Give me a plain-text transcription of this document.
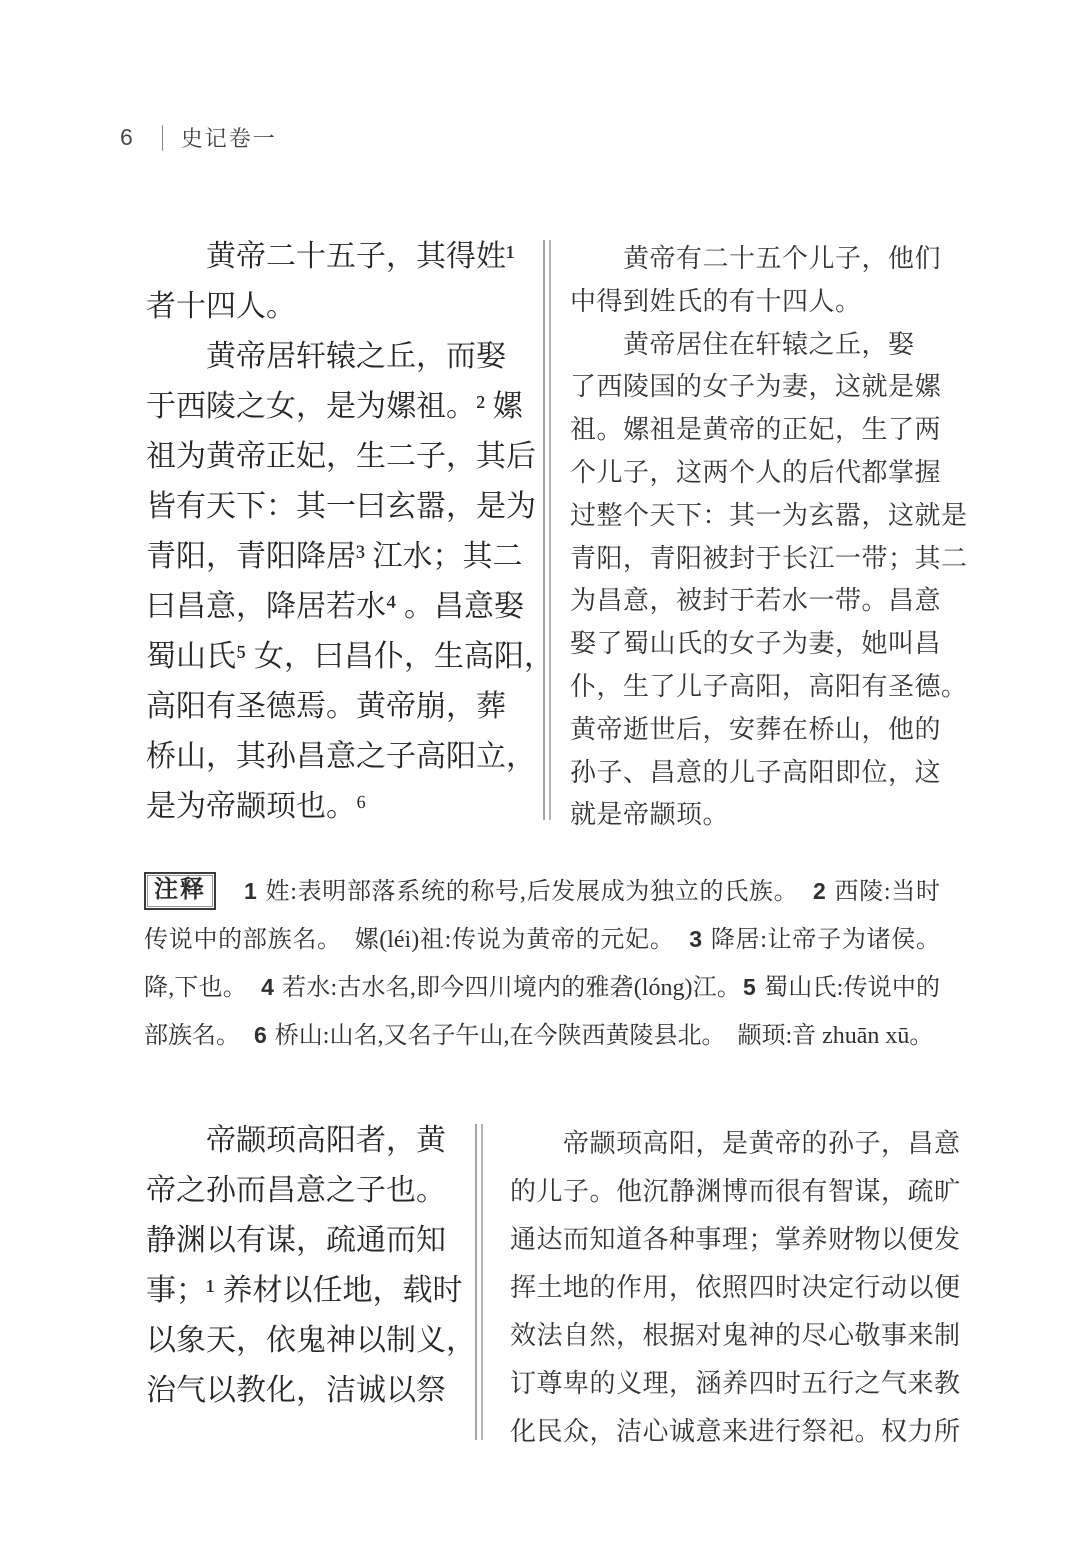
6 史记卷一
　　黄帝二十五子，其得姓¹
者十四人。
　　黄帝居轩辕之丘，而娶
于西陵之女，是为嫘祖。² 嫘
祖为黄帝正妃，生二子，其后
皆有天下：其一曰玄嚣，是为
青阳，青阳降居³ 江水；其二
曰昌意，降居若水⁴ 。昌意娶
蜀山氏⁵ 女，曰昌仆，生高阳，
高阳有圣德焉。黄帝崩，葬
桥山，其孙昌意之子高阳立，
是为帝颛顼也。⁶
　　黄帝有二十五个儿子，他们
中得到姓氏的有十四人。
　　黄帝居住在轩辕之丘，娶
了西陵国的女子为妻，这就是嫘
祖。嫘祖是黄帝的正妃，生了两
个儿子，这两个人的后代都掌握
过整个天下：其一为玄嚣，这就是
青阳，青阳被封于长江一带；其二
为昌意，被封于若水一带。昌意
娶了蜀山氏的女子为妻，她叫昌
仆，生了儿子高阳，高阳有圣德。
黄帝逝世后，安葬在桥山，他的
孙子、昌意的儿子高阳即位，这
就是帝颛顼。
注释 1 姓:表明部落系统的称号,后发展成为独立的氏族。　2 西陵:当时传说中的部族名。　嫘(léi)祖:传说为黄帝的元妃。　3 降居:让帝子为诸侯。降,下也。　4 若水:古水名,即今四川境内的雅砻(lóng)江。5 蜀山氏:传说中的部族名。　6 桥山:山名,又名子午山,在今陕西黄陵县北。　颛顼:音 zhuān xū。
　　帝颛顼高阳者，黄
帝之孙而昌意之子也。
静渊以有谋，疏通而知
事；¹ 养材以任地，载时
以象天，依鬼神以制义，
治气以教化，洁诚以祭
　　帝颛顼高阳，是黄帝的孙子，昌意
的儿子。他沉静渊博而很有智谋，疏旷
通达而知道各种事理；掌养财物以便发
挥土地的作用，依照四时决定行动以便
效法自然，根据对鬼神的尽心敬事来制
订尊卑的义理，涵养四时五行之气来教
化民众，洁心诚意来进行祭祀。权力所
